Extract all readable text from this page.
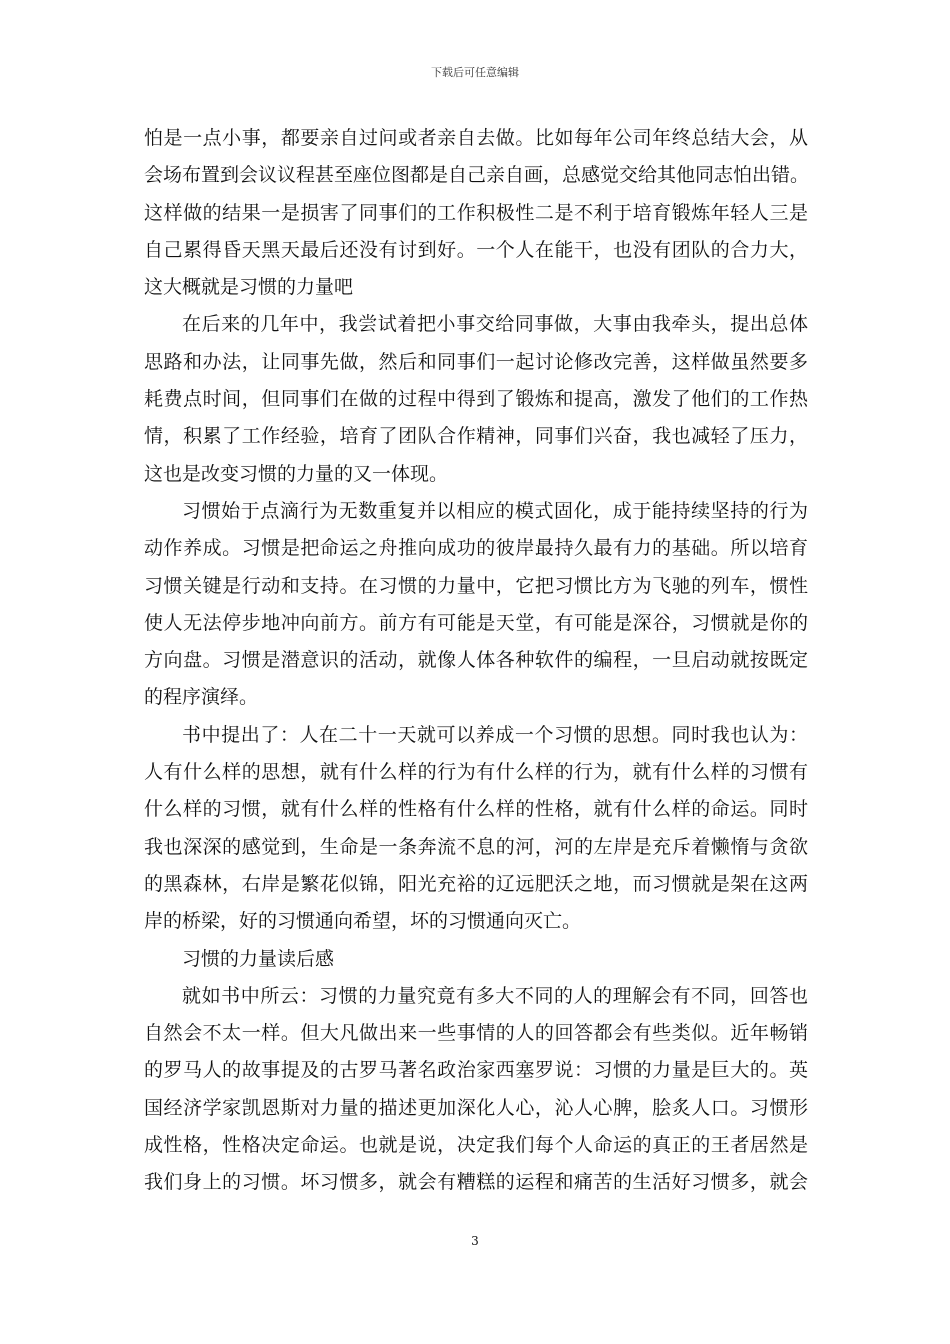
下载后可任意编辑
怕是一点小事，都要亲自过问或者亲自去做。比如每年公司年终总结大会，从
会场布置到会议议程甚至座位图都是自己亲自画，总感觉交给其他同志怕出错。
这样做的结果一是损害了同事们的工作积极性二是不利于培育锻炼年轻人三是
自己累得昏天黑天最后还没有讨到好。一个人在能干，也没有团队的合力大，
这大概就是习惯的力量吧
在后来的几年中，我尝试着把小事交给同事做，大事由我牵头，提出总体
思路和办法，让同事先做，然后和同事们一起讨论修改完善，这样做虽然要多
耗费点时间，但同事们在做的过程中得到了锻炼和提高，激发了他们的工作热
情，积累了工作经验，培育了团队合作精神，同事们兴奋，我也减轻了压力，
这也是改变习惯的力量的又一体现。
习惯始于点滴行为无数重复并以相应的模式固化，成于能持续坚持的行为
动作养成。习惯是把命运之舟推向成功的彼岸最持久最有力的基础。所以培育
习惯关键是行动和支持。在习惯的力量中，它把习惯比方为飞驰的列车，惯性
使人无法停步地冲向前方。前方有可能是天堂，有可能是深谷，习惯就是你的
方向盘。习惯是潜意识的活动，就像人体各种软件的编程，一旦启动就按既定
的程序演绎。
书中提出了：人在二十一天就可以养成一个习惯的思想。同时我也认为：
人有什么样的思想，就有什么样的行为有什么样的行为，就有什么样的习惯有
什么样的习惯，就有什么样的性格有什么样的性格，就有什么样的命运。同时
我也深深的感觉到，生命是一条奔流不息的河，河的左岸是充斥着懒惰与贪欲
的黑森林，右岸是繁花似锦，阳光充裕的辽远肥沃之地，而习惯就是架在这两
岸的桥梁，好的习惯通向希望，坏的习惯通向灭亡。
习惯的力量读后感
就如书中所云：习惯的力量究竟有多大不同的人的理解会有不同，回答也
自然会不太一样。但大凡做出来一些事情的人的回答都会有些类似。近年畅销
的罗马人的故事提及的古罗马著名政治家西塞罗说：习惯的力量是巨大的。英
国经济学家凯恩斯对力量的描述更加深化人心，沁人心脾，脍炙人口。习惯形
成性格，性格决定命运。也就是说，决定我们每个人命运的真正的王者居然是
我们身上的习惯。坏习惯多，就会有糟糕的运程和痛苦的生活好习惯多，就会
3
